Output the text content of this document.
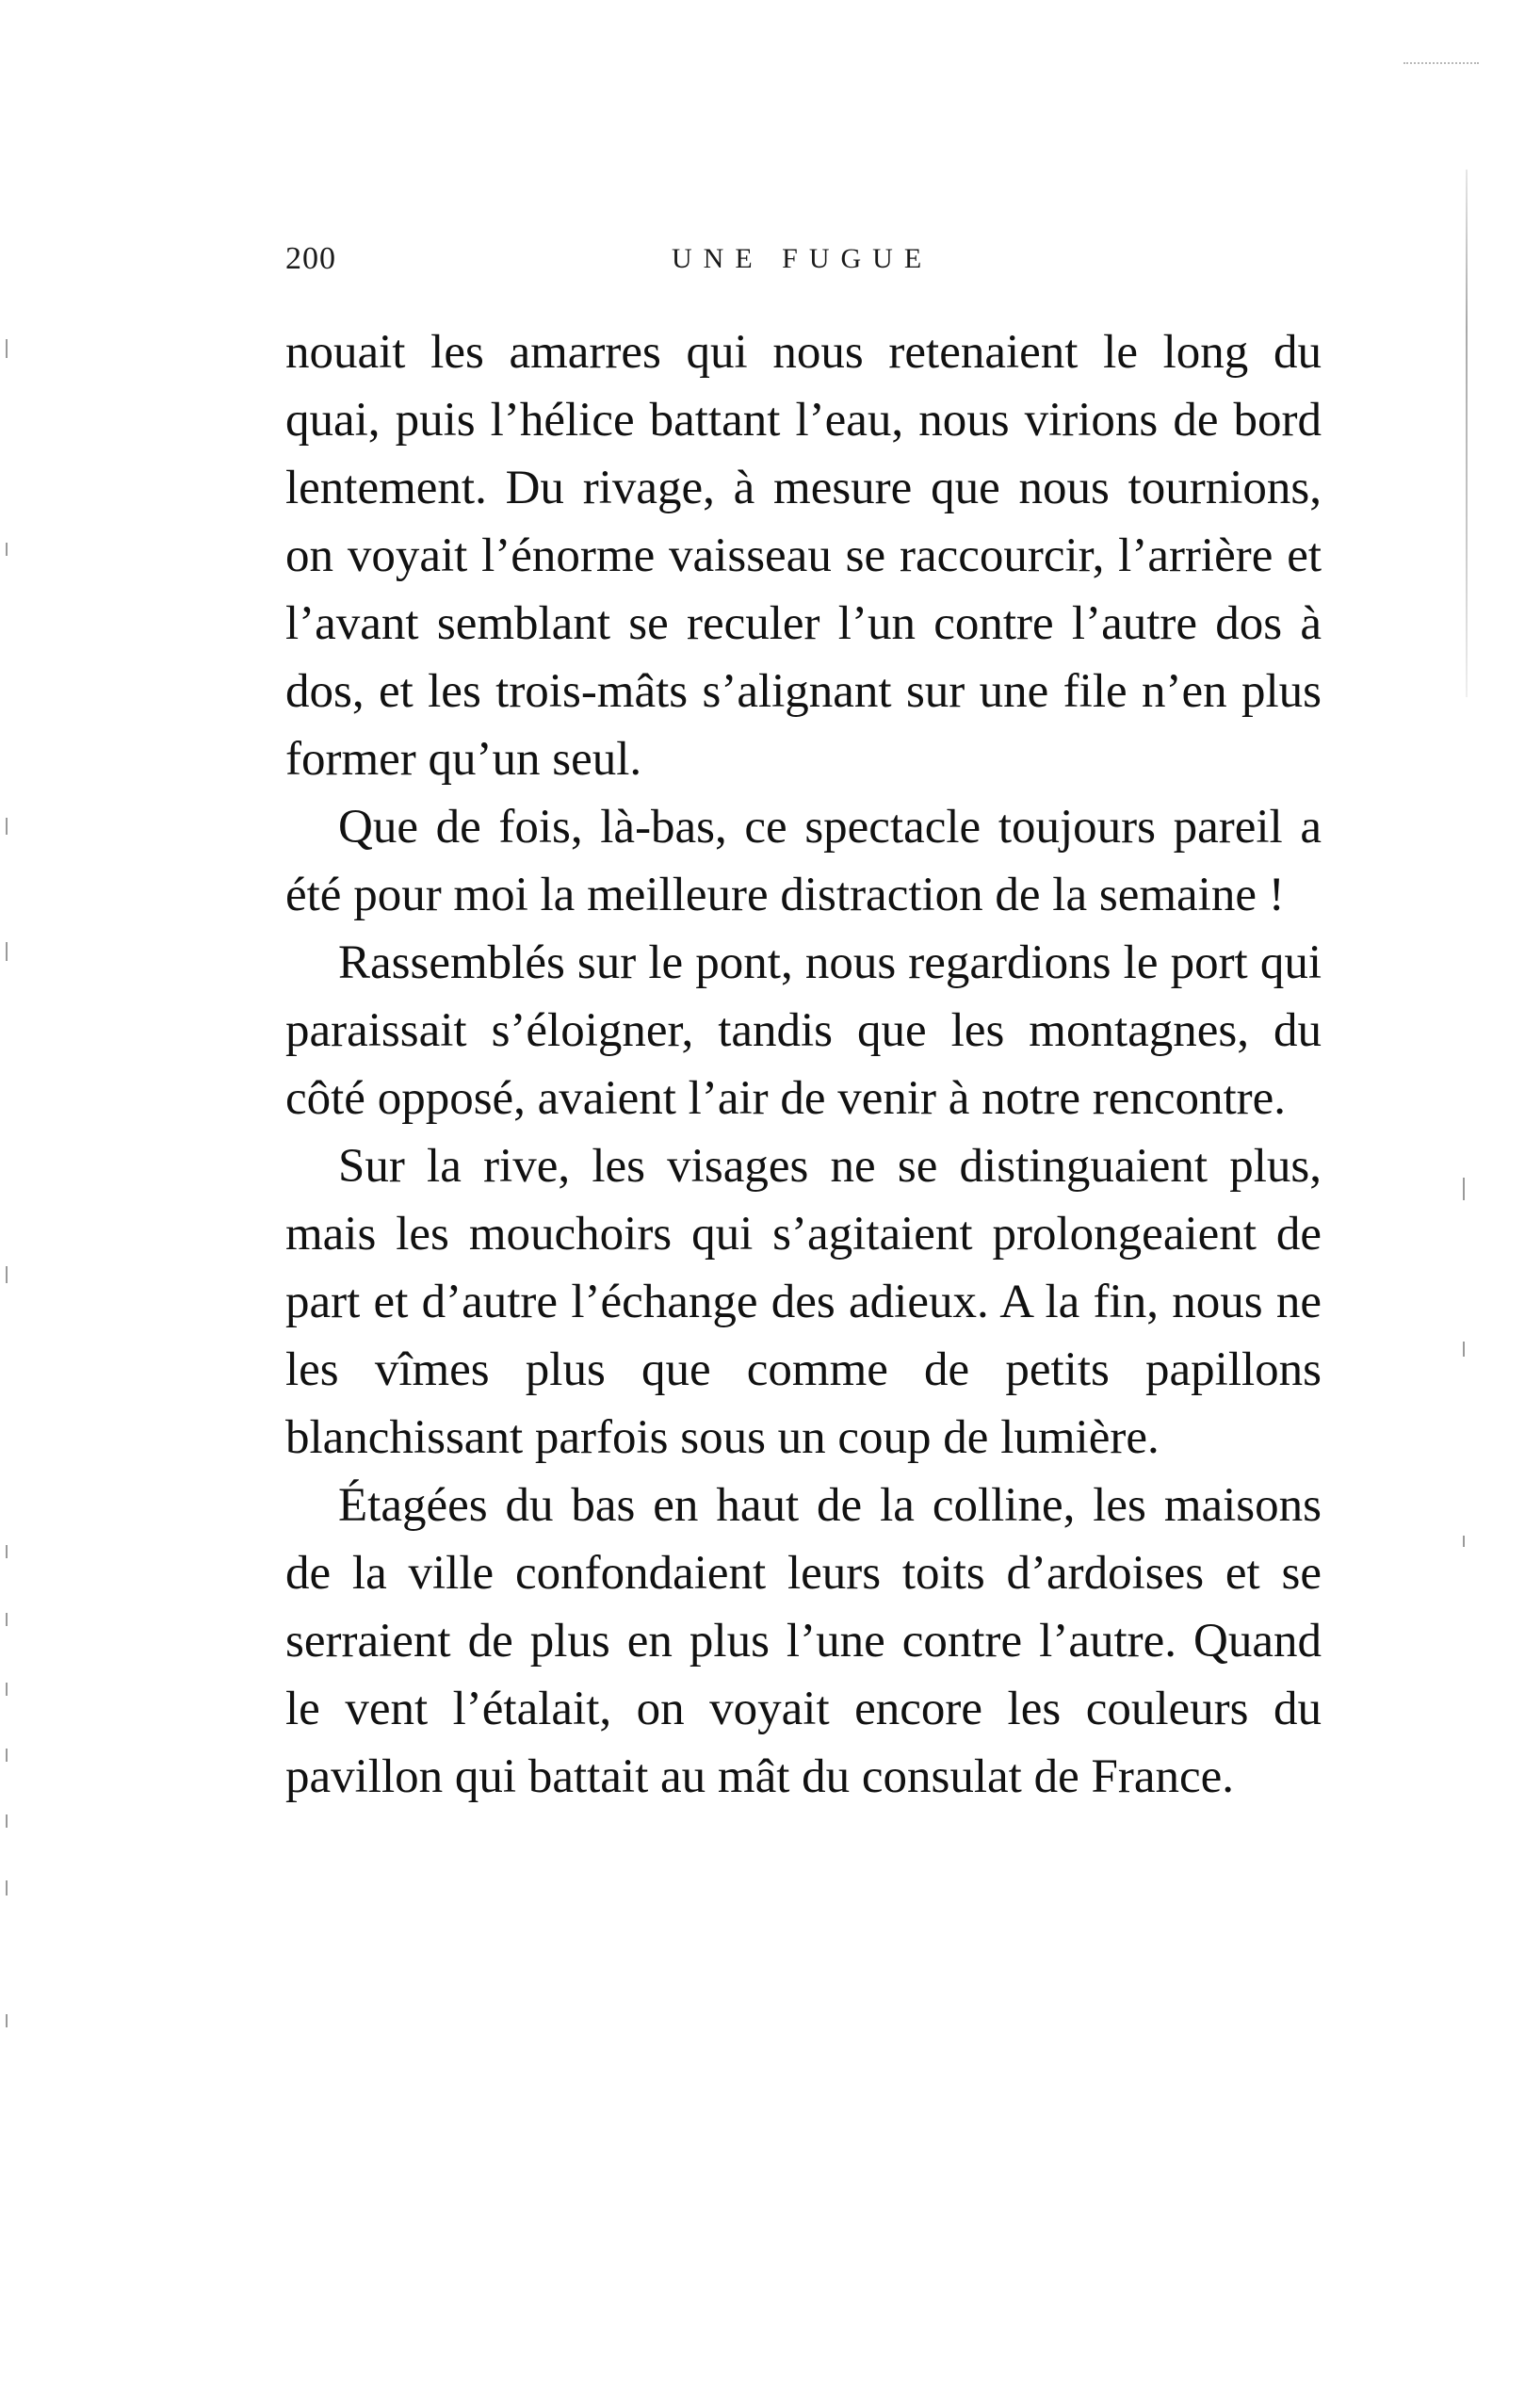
200	UNE FUGUE

nouait les amarres qui nous retenaient le long du quai, puis l’hélice battant l’eau, nous virions de bord lentement. Du rivage, à mesure que nous tournions, on voyait l’énorme vaisseau se raccourcir, l’arrière et l’avant semblant se reculer l’un contre l’autre dos à dos, et les trois-mâts s’alignant sur une file n’en plus former qu’un seul.

Que de fois, là-bas, ce spectacle toujours pareil a été pour moi la meilleure distraction de la semaine !

Rassemblés sur le pont, nous regardions le port qui paraissait s’éloigner, tandis que les montagnes, du côté opposé, avaient l’air de venir à notre rencontre.

Sur la rive, les visages ne se distinguaient plus, mais les mouchoirs qui s’agitaient prolongeaient de part et d’autre l’échange des adieux. A la fin, nous ne les vîmes plus que comme de petits papillons blanchissant parfois sous un coup de lumière.

Étagées du bas en haut de la colline, les maisons de la ville confondaient leurs toits d’ardoises et se serraient de plus en plus l’une contre l’autre. Quand le vent l’étalait, on voyait encore les couleurs du pavillon qui battait au mât du consulat de France.
